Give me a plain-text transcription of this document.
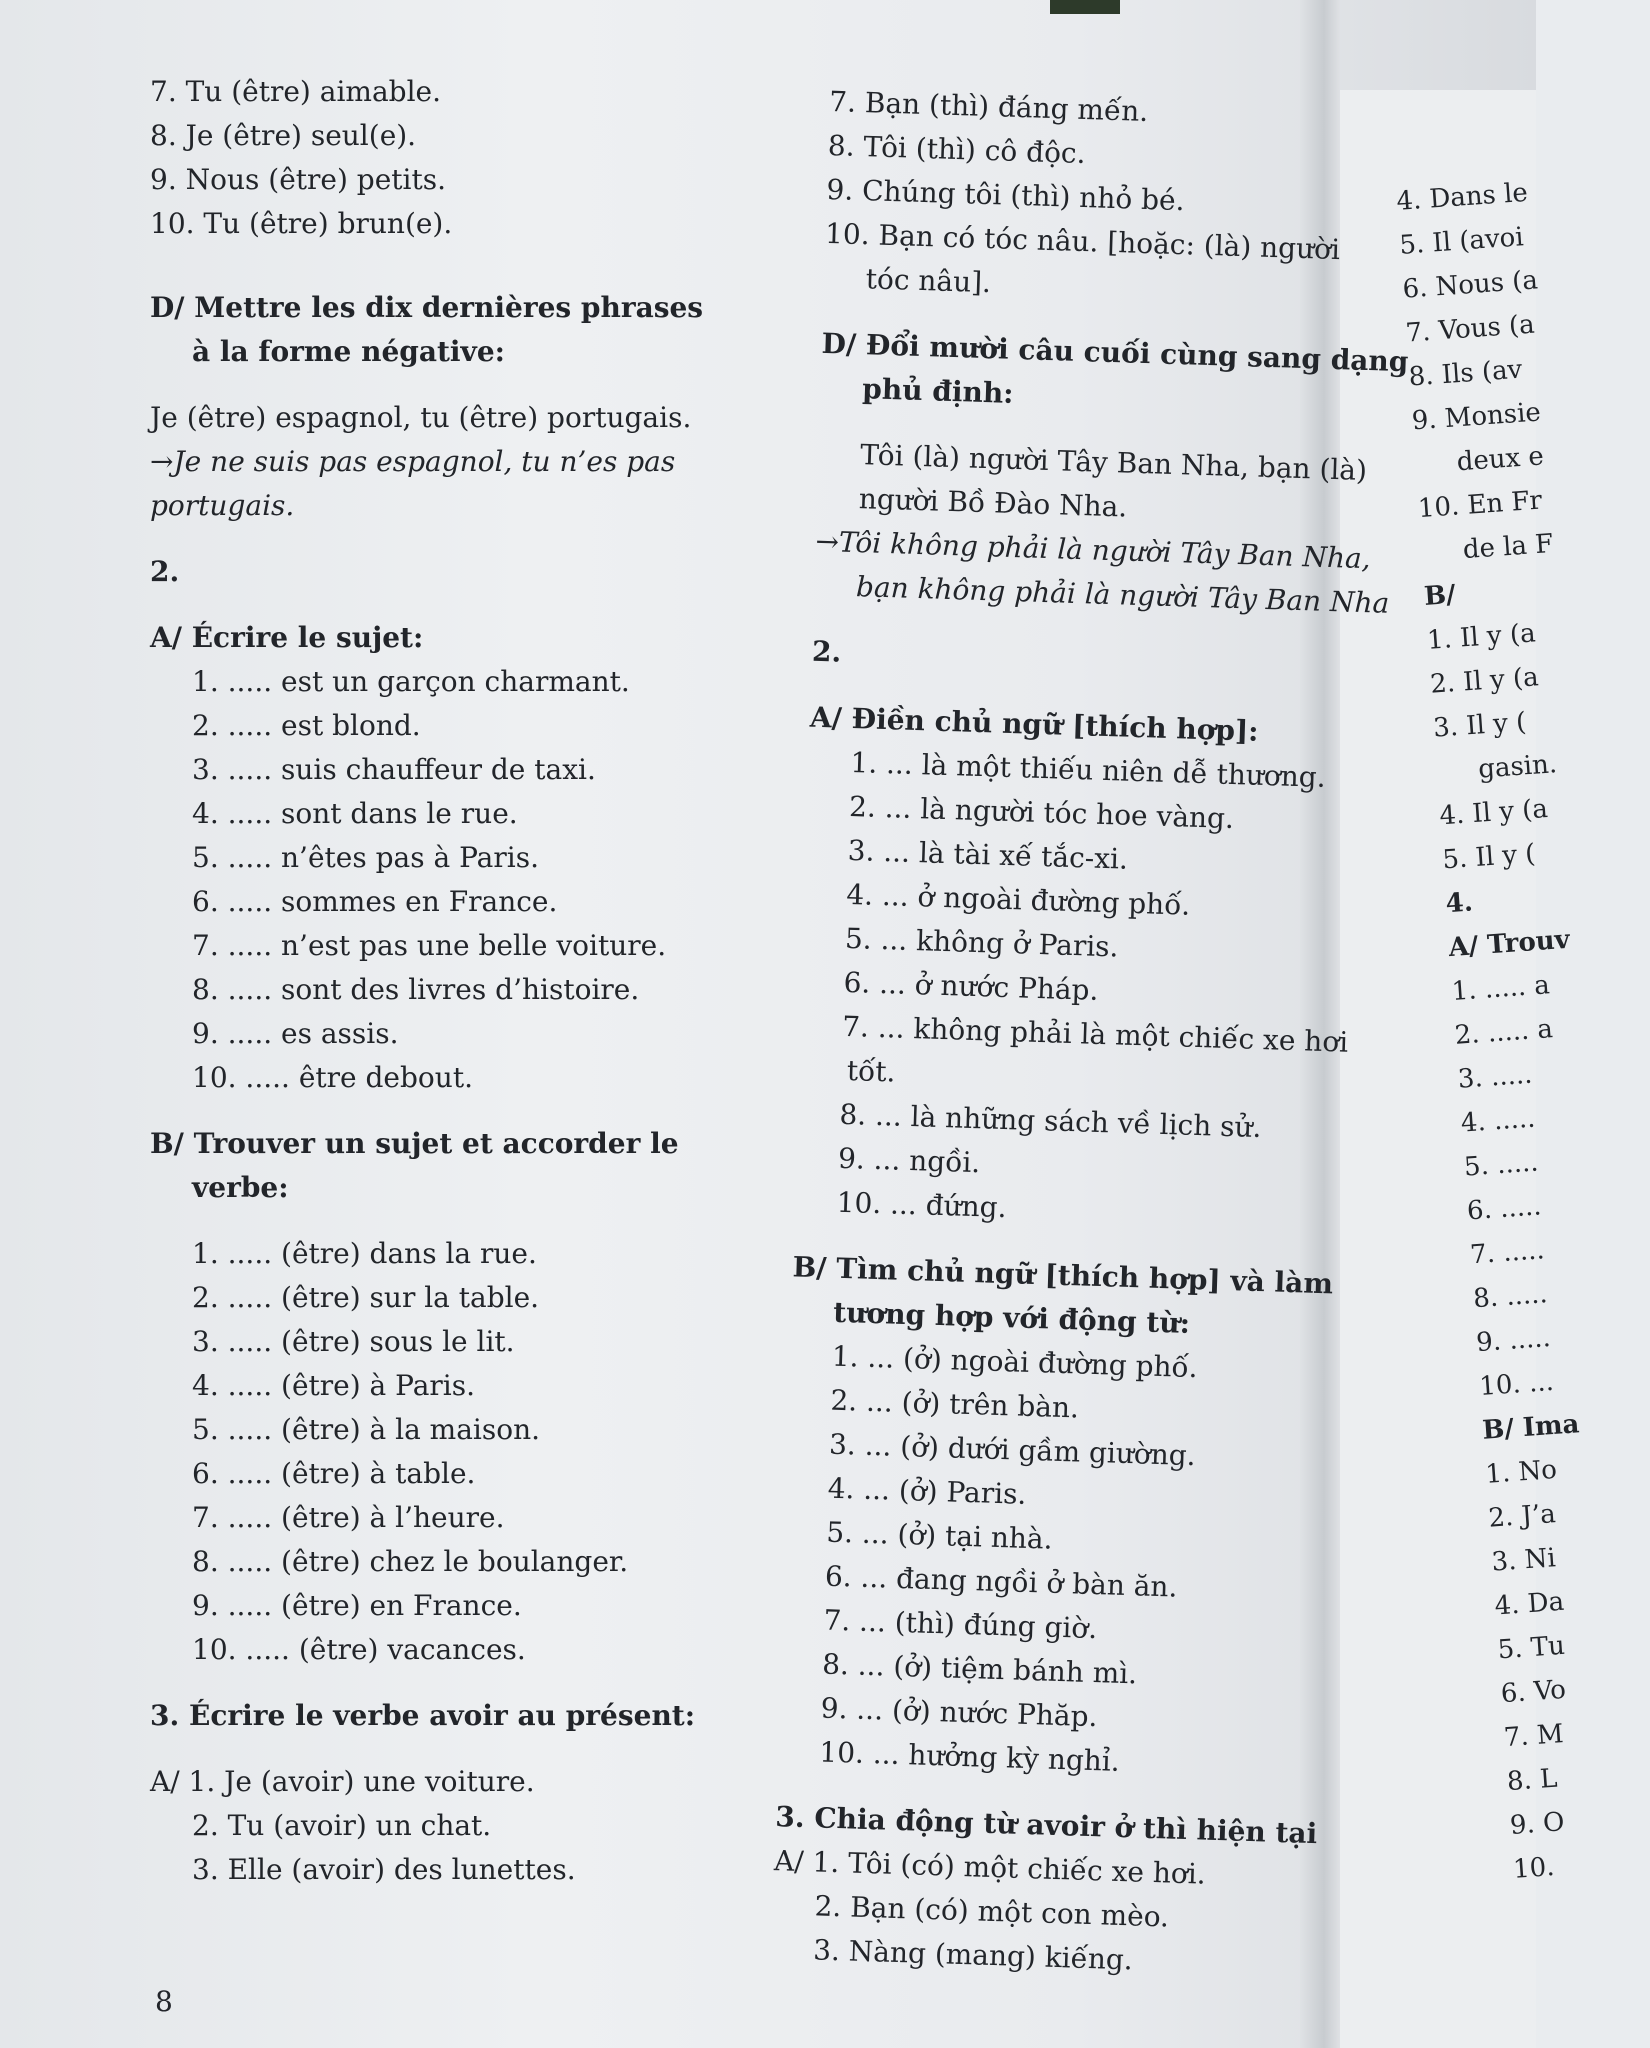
7. Tu (être) aimable.
8. Je (être) seul(e).
9. Nous (être) petits.
10. Tu (être) brun(e).
D/ Mettre les dix dernières phrases
à la forme négative:
Je (être) espagnol, tu (être) portugais.
→Je ne suis pas espagnol, tu n’es pas
portugais.
2.
A/ Écrire le sujet:
1. ..... est un garçon charmant.
2. ..... est blond.
3. ..... suis chauffeur de taxi.
4. ..... sont dans le rue.
5. ..... n’êtes pas à Paris.
6. ..... sommes en France.
7. ..... n’est pas une belle voiture.
8. ..... sont des livres d’histoire.
9. ..... es assis.
10. ..... être debout.
B/ Trouver un sujet et accorder le
verbe:
1. ..... (être) dans la rue.
2. ..... (être) sur la table.
3. ..... (être) sous le lit.
4. ..... (être) à Paris.
5. ..... (être) à la maison.
6. ..... (être) à table.
7. ..... (être) à l’heure.
8. ..... (être) chez le boulanger.
9. ..... (être) en France.
10. ..... (être) vacances.
3. Écrire le verbe avoir au présent:
A/ 1. Je (avoir) une voiture.
2. Tu (avoir) un chat.
3. Elle (avoir) des lunettes.
7. Bạn (thì) đáng mến.
8. Tôi (thì) cô độc.
9. Chúng tôi (thì) nhỏ bé.
10. Bạn có tóc nâu. [hoặc: (là) người
tóc nâu].
D/ Đổi mười câu cuối cùng sang dạng
phủ định:
Tôi (là) người Tây Ban Nha, bạn (là)
người Bồ Đào Nha.
→Tôi không phải là người Tây Ban Nha,
bạn không phải là người Tây Ban Nha
2.
A/ Điền chủ ngữ [thích hợp]:
1. ... là một thiếu niên dễ thương.
2. ... là người tóc hoe vàng.
3. ... là tài xế tắc-xi.
4. ... ở ngoài đường phố.
5. ... không ở Paris.
6. ... ở nước Pháp.
7. ... không phải là một chiếc xe hơi
tốt.
8. ... là những sách về lịch sử.
9. ... ngồi.
10. ... đứng.
B/ Tìm chủ ngữ [thích hợp] và làm
tương hợp với động từ:
1. ... (ở) ngoài đường phố.
2. ... (ở) trên bàn.
3. ... (ở) dưới gầm giường.
4. ... (ở) Paris.
5. ... (ở) tại nhà.
6. ... đang ngồi ở bàn ăn.
7. ... (thì) đúng giờ.
8. ... (ở) tiệm bánh mì.
9. ... (ở) nước Phăp.
10. ... hưởng kỳ nghỉ.
3. Chia động từ avoir ở thì hiện tại
A/ 1. Tôi (có) một chiếc xe hơi.
2. Bạn (có) một con mèo.
3. Nàng (mang) kiếng.
4. Dans le
5. Il (avoi
6. Nous (a
7. Vous (a
8. Ils (av
9. Monsie
deux e
10. En Fr
de la F
B/
1. Il y (a
2. Il y (a
3. Il y (
gasin.
4. Il y (a
5. Il y (
4.
A/ Trouv
1. ..... a
2. ..... a
3. .....
4. .....
5. .....
6. .....
7. .....
8. .....
9. .....
10. ...
B/ Ima
1. No
2. J’a
3. Ni
4. Da
5. Tu
6. Vo
7. M
8. L
9. O
10.
8
